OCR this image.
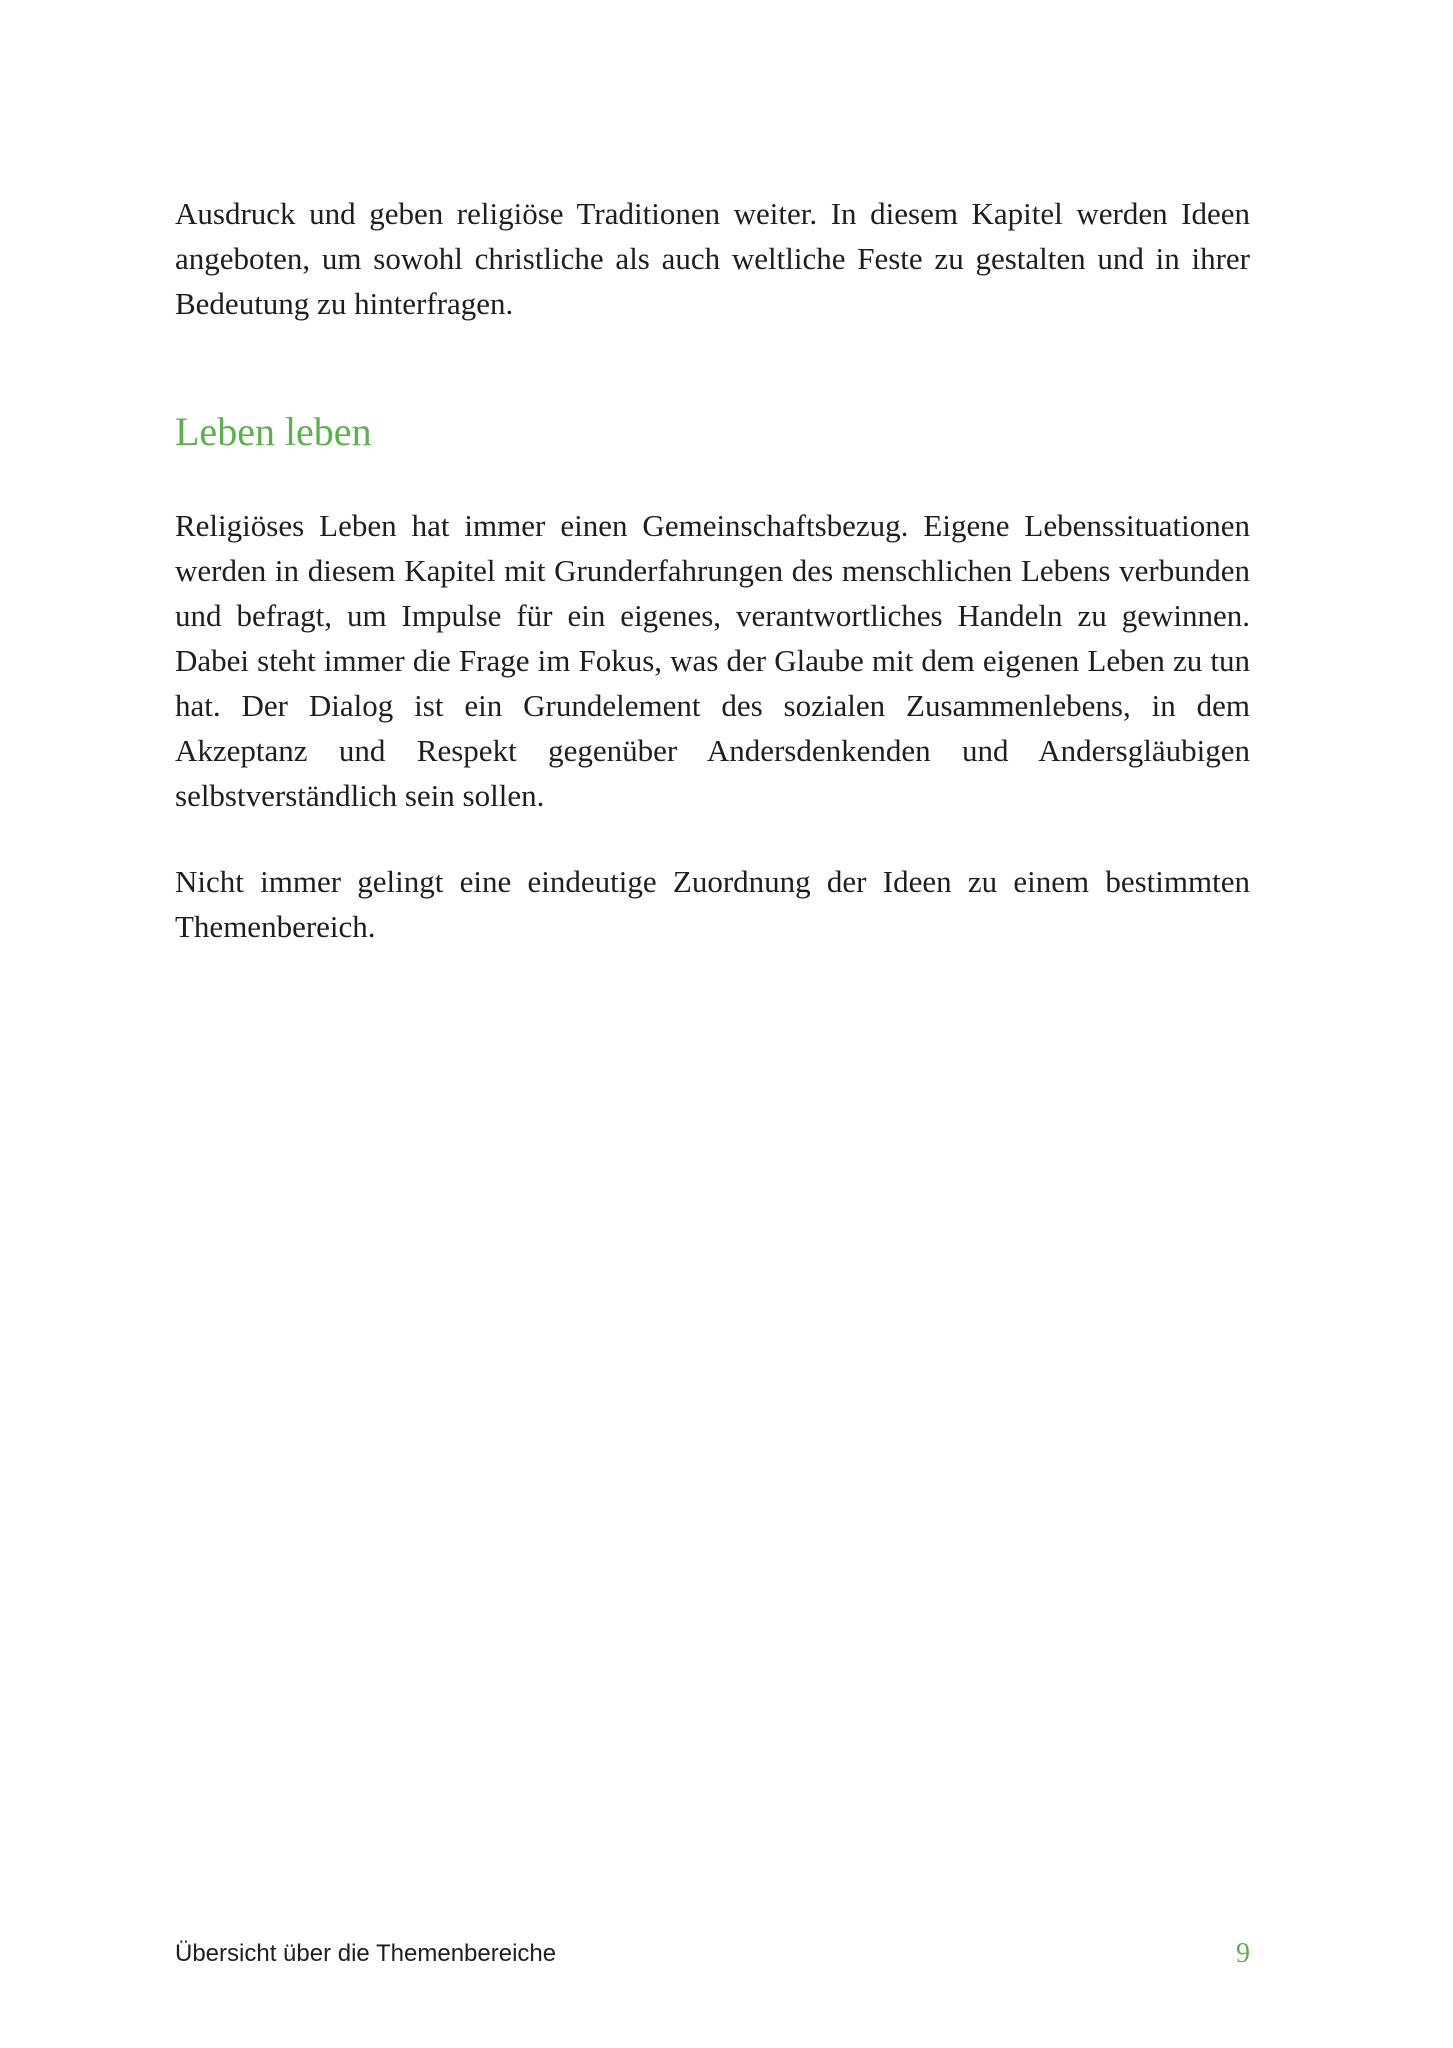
Ausdruck und geben religiöse Traditionen weiter. In diesem Kapitel werden Ideen angeboten, um sowohl christliche als auch weltliche Feste zu gestalten und in ihrer Bedeutung zu hinterfragen.

Leben leben

Religiöses Leben hat immer einen Gemeinschaftsbezug. Eigene Lebenssituationen werden in diesem Kapitel mit Grunderfahrungen des menschlichen Lebens verbunden und befragt, um Impulse für ein eigenes, verantwortliches Handeln zu gewinnen. Dabei steht immer die Frage im Fokus, was der Glaube mit dem eigenen Leben zu tun hat. Der Dialog ist ein Grundelement des sozialen Zusammenlebens, in dem Akzeptanz und Respekt gegenüber Andersdenkenden und Andersgläubigen selbstverständlich sein sollen.

Nicht immer gelingt eine eindeutige Zuordnung der Ideen zu einem bestimmten Themenbereich.

Übersicht über die Themenbereiche	9
